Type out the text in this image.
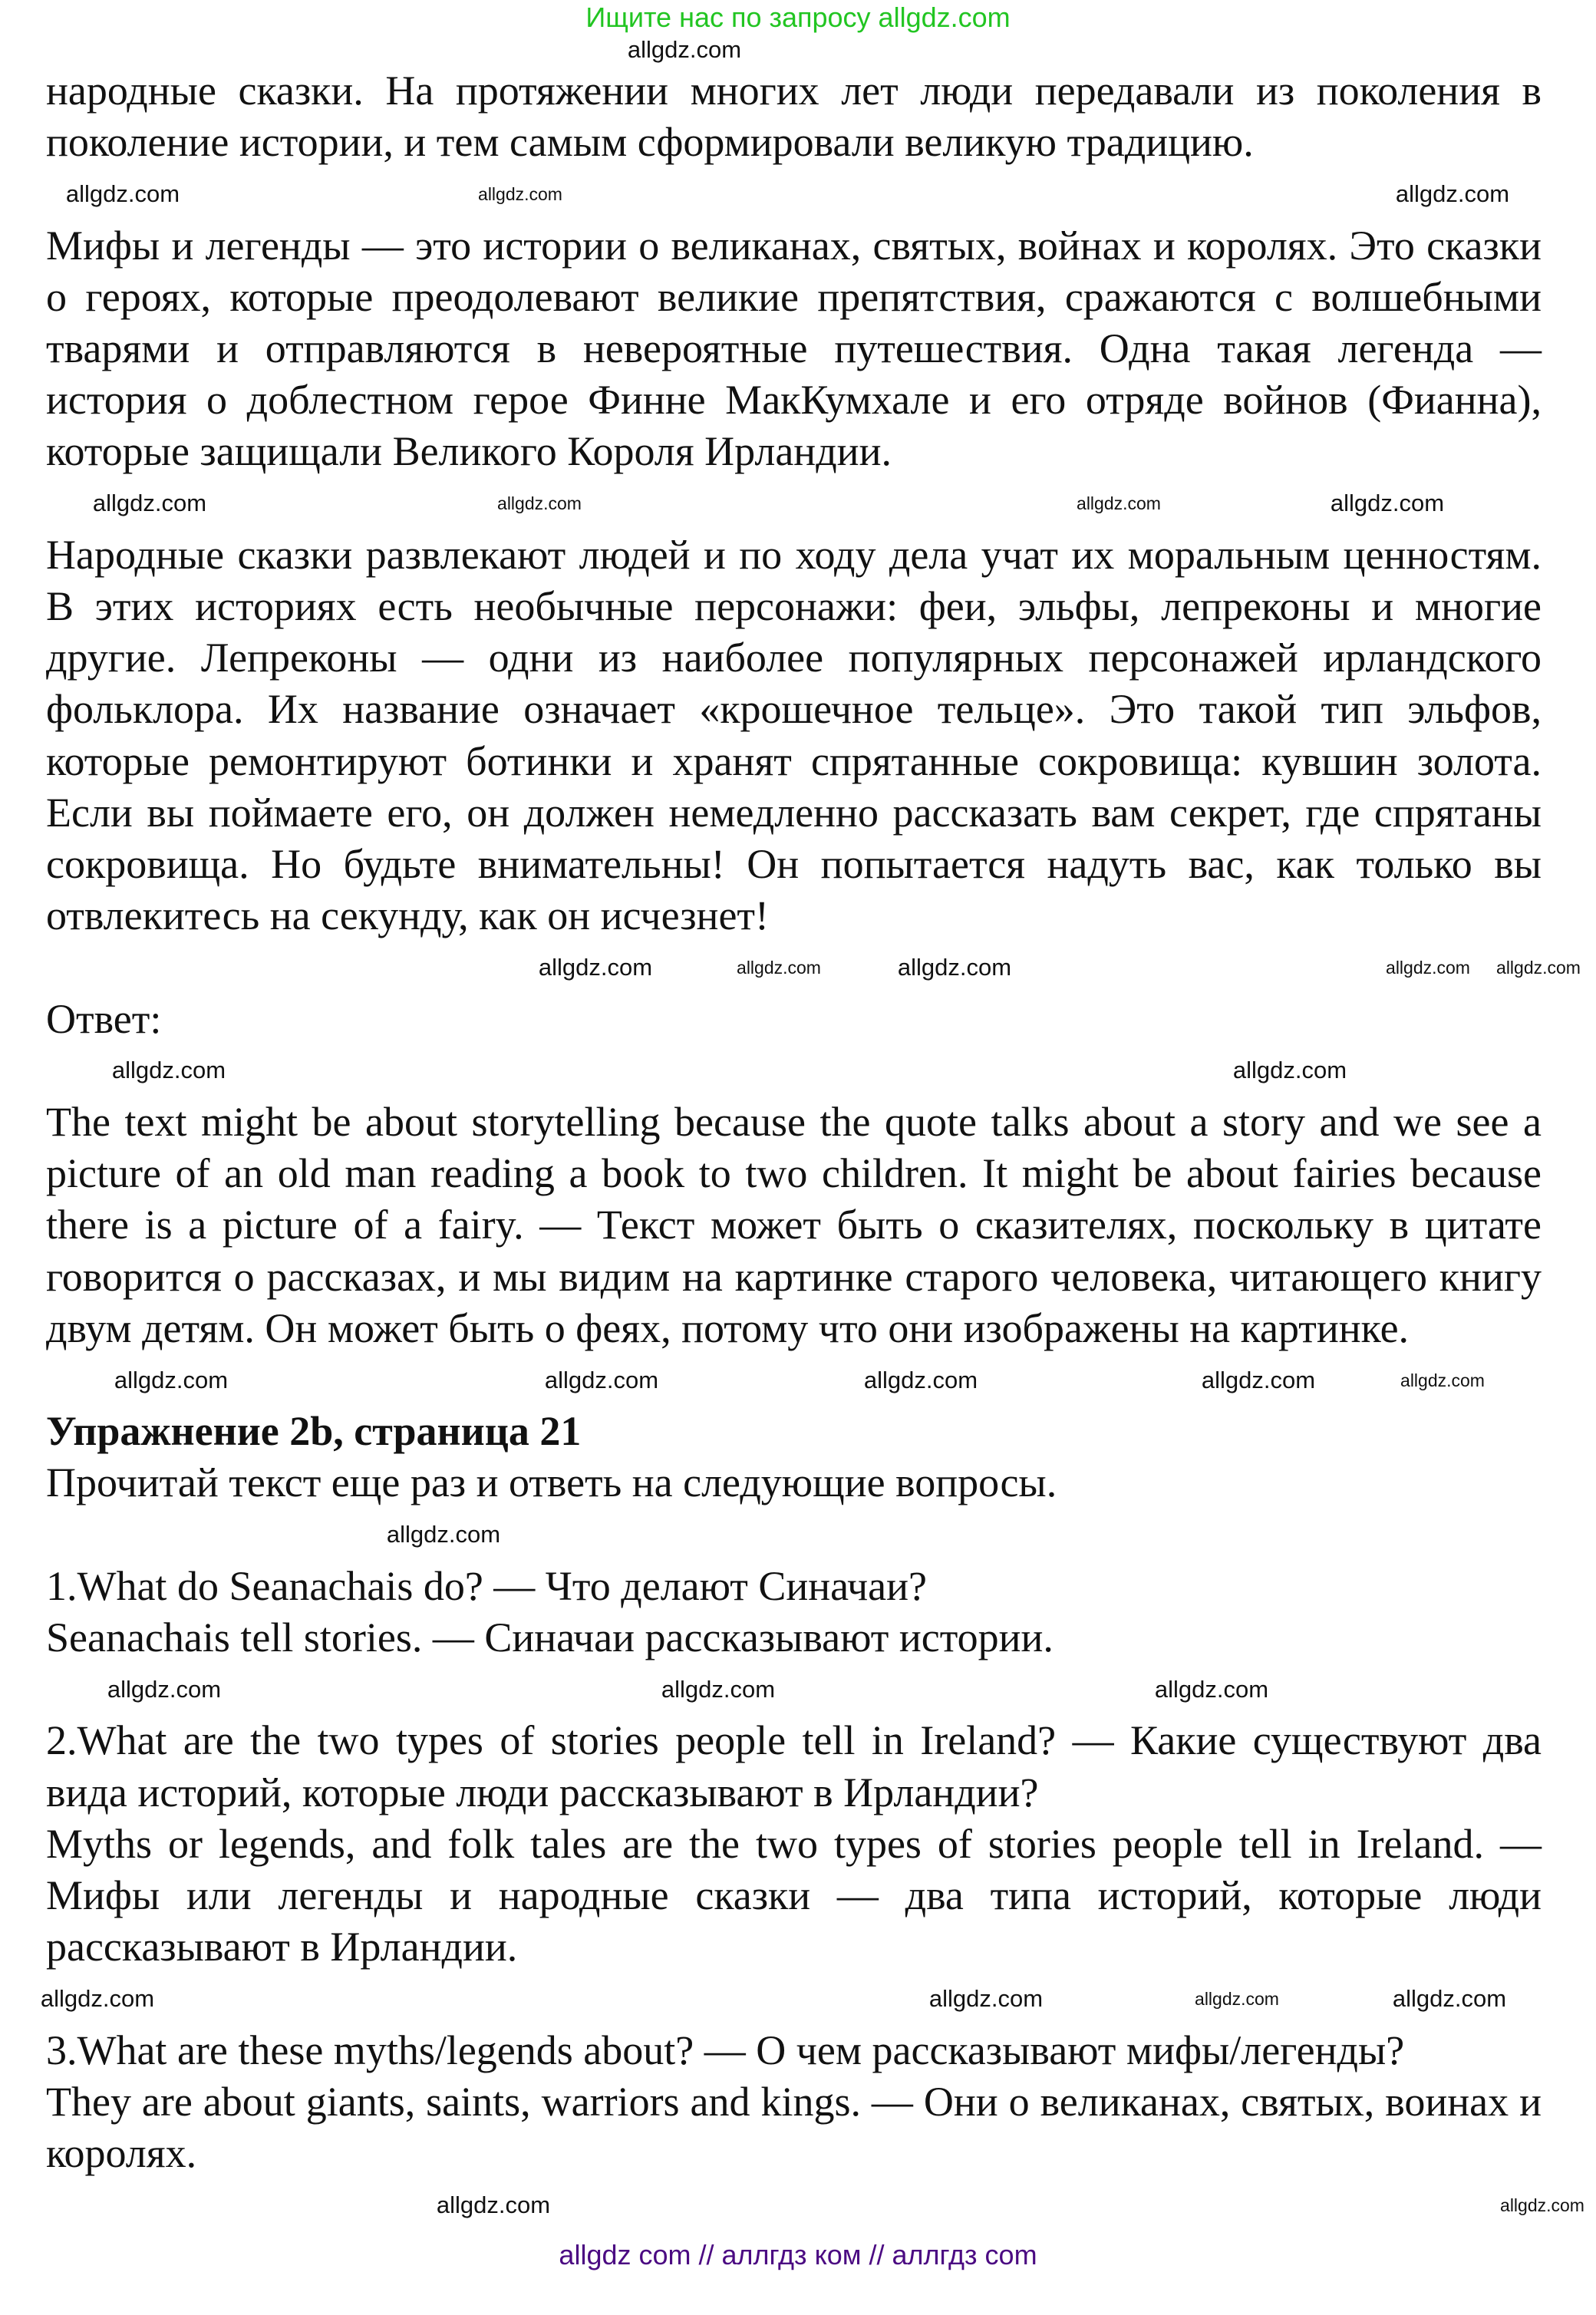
Ищите нас по запросу allgdz.com
allgdz.com

народные сказки. На протяжении многих лет люди передавали из поколения в поколение истории, и тем самым сформировали великую традицию.

allgdz.com	allgdz.com	allgdz.com

Мифы и легенды — это истории о великанах, святых, войнах и королях. Это сказки о героях, которые преодолевают великие препятствия, сражаются с волшебными тварями и отправляются в невероятные путешествия. Одна такая легенда — история о доблестном герое Финне МакКумхале и его отряде войнов (Фианна), которые защищали Великого Короля Ирландии.

allgdz.com	allgdz.com	allgdz.com	allgdz.com

Народные сказки развлекают людей и по ходу дела учат их моральным ценностям. В этих историях есть необычные персонажи: феи, эльфы, лепреконы и многие другие. Лепреконы — одни из наиболее популярных персонажей ирландского фольклора. Их название означает «крошечное тельце». Это такой тип эльфов, которые ремонтируют ботинки и хранят спрятанные сокровища: кувшин золота. Если вы поймаете его, он должен немедленно рассказать вам секрет, где спрятаны сокровища. Но будьте внимательны! Он попытается надуть вас, как только вы отвлекитесь на секунду, как он исчезнет!

allgdz.com	allgdz.com	allgdz.com	allgdz.com allgdz.com

Ответ:

allgdz.com	allgdz.com

The text might be about storytelling because the quote talks about a story and we see a picture of an old man reading a book to two children. It might be about fairies because there is a picture of a fairy. — Текст может быть о сказителях, поскольку в цитате говорится о рассказах, и мы видим на картинке старого человека, читающего книгу двум детям. Он может быть о феях, потому что они изображены на картинке.

allgdz.com	allgdz.com	allgdz.com	allgdz.com	allgdz.com
Упражнение 2b, страница 21

Прочитай текст еще раз и ответь на следующие вопросы.

allgdz.com

1.What do Seanachais do? — Что делают Синачаи?

Seanachais tell stories. — Синачаи рассказывают истории.

allgdz.com	allgdz.com	allgdz.com

2.What are the two types of stories people tell in Ireland? — Какие существуют два вида историй, которые люди рассказывают в Ирландии?

Myths or legends, and folk tales are the two types of stories people tell in Ireland. — Мифы или легенды и народные сказки — два типа историй, которые люди рассказывают в Ирландии.

allgdz.com	allgdz.com	allgdz.com	allgdz.com

3.What are these myths/legends about? — О чем рассказывают мифы/легенды?

They are about giants, saints, warriors and kings. — Они о великанах, святых, воинах и королях.

allgdz.com	allgdz.com
allgdz com // аллгдз ком // аллгдз com
